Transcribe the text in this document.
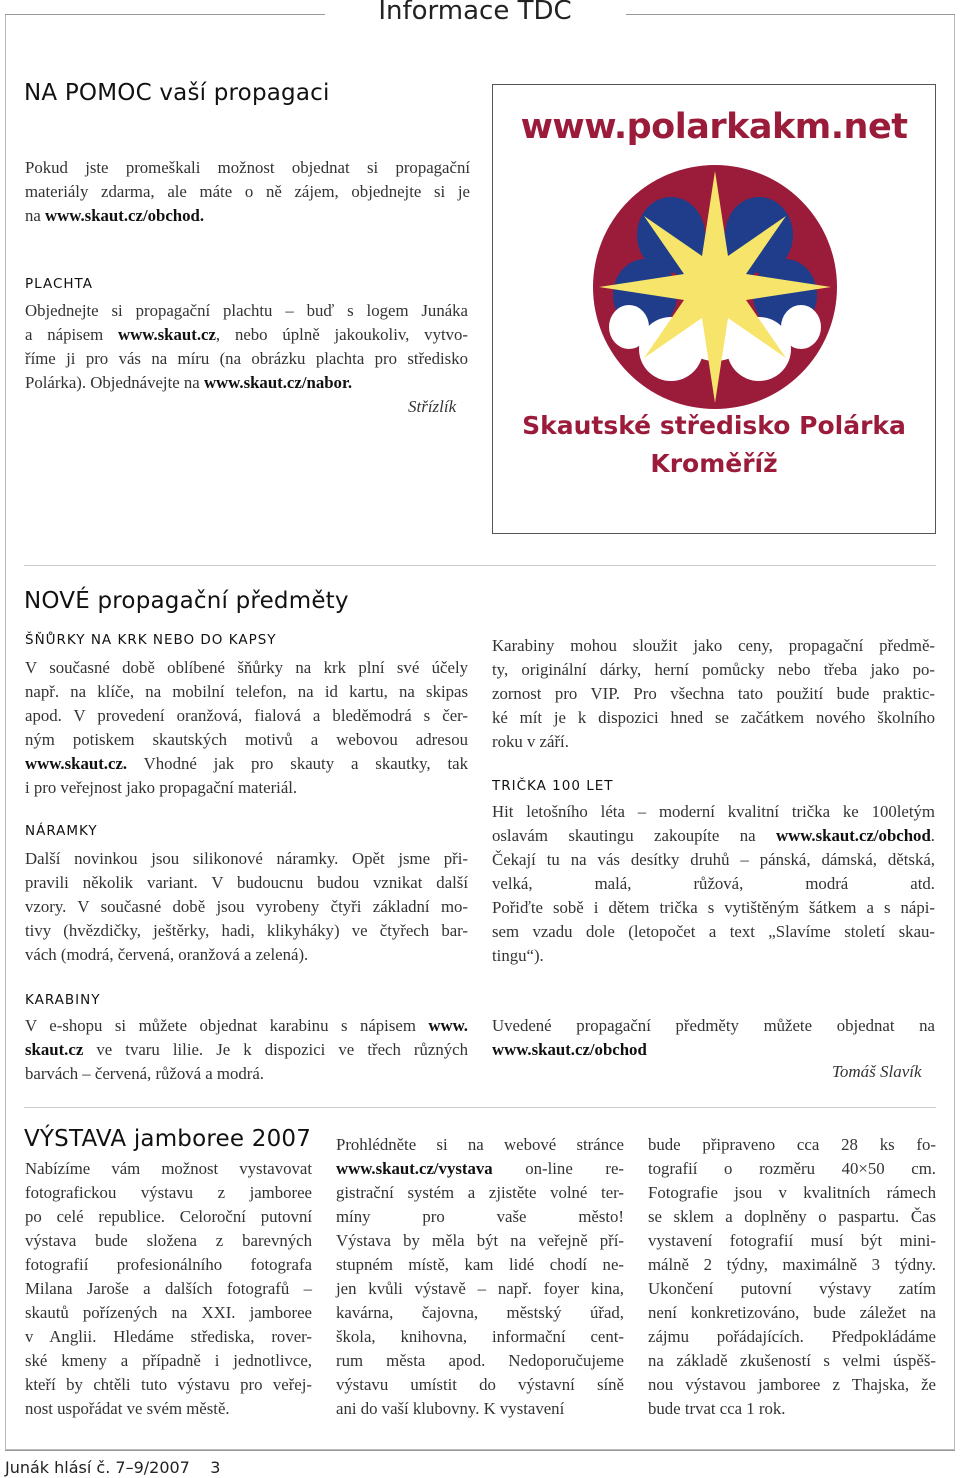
Informace TDC
NA POMOC vaší propagaci
Pokud jste promeškali možnost objednat si propagační
materiály zdarma, ale máte o ně zájem, objednejte si je
na www.skaut.cz/obchod.
PLACHTA
Objednejte si propagační plachtu – buď s logem Junáka
a nápisem www.skaut.cz, nebo úplně jakoukoliv, vytvo-
říme ji pro vás na míru (na obrázku plachta pro středisko
Polárka). Objednávejte na www.skaut.cz/nabor.
Střízlík
www.polarkakm.net
Skautské středisko Polárka
Kroměříž
NOVÉ propagační předměty
ŠŇŮRKY NA KRK NEBO DO KAPSY
V současné době oblíbené šňůrky na krk plní své účely
např. na klíče, na mobilní telefon, na id kartu, na skipas
apod. V provedení oranžová, fialová a bleděmodrá s čer-
ným potiskem skautských motivů a webovou adresou
www.skaut.cz. Vhodné jak pro skauty a skautky, tak
i pro veřejnost jako propagační materiál.
NÁRAMKY
Další novinkou jsou silikonové náramky. Opět jsme při-
pravili několik variant. V budoucnu budou vznikat další
vzory. V současné době jsou vyrobeny čtyři základní mo-
tivy (hvězdičky, ještěrky, hadi, klikyháky) ve čtyřech bar-
vách (modrá, červená, oranžová a zelená).
KARABINY
V e-shopu si můžete objednat karabinu s nápisem www.
skaut.cz ve tvaru lilie. Je k dispozici ve třech různých
barvách – červená, růžová a modrá.
Karabiny mohou sloužit jako ceny, propagační předmě-
ty, originální dárky, herní pomůcky nebo třeba jako po-
zornost pro VIP. Pro všechna tato použití bude praktic-
ké mít je k dispozici hned se začátkem nového školního
roku v září.
TRIČKA 100 LET
Hit letošního léta – moderní kvalitní trička ke 100letým
oslavám skautingu zakoupíte na www.skaut.cz/obchod.
Čekají tu na vás desítky druhů – pánská, dámská, dětská,
velká, malá, růžová, modrá atd.
Pořiďte sobě i dětem trička s vytištěným šátkem a s nápi-
sem vzadu dole (letopočet a text „Slavíme století skau-
tingu“).
Uvedené propagační předměty můžete objednat na
www.skaut.cz/obchod
Tomáš Slavík
VÝSTAVA jamboree 2007
Nabízíme vám možnost vystavovat
fotografickou výstavu z jamboree
po celé republice. Celoroční putovní
výstava bude složena z barevných
fotografií profesionálního fotografa
Milana Jaroše a dalších fotografů –
skautů pořízených na XXI. jamboree
v Anglii. Hledáme střediska, rover-
ské kmeny a případně i jednotlivce,
kteří by chtěli tuto výstavu pro veřej-
nost uspořádat ve svém městě.
Prohlédněte si na webové stránce
www.skaut.cz/vystava on-line re-
gistrační systém a zjistěte volné ter-
míny pro vaše město!
Výstava by měla být na veřejně pří-
stupném místě, kam lidé chodí ne-
jen kvůli výstavě – např. foyer kina,
kavárna, čajovna, městský úřad,
škola, knihovna, informační cent-
rum města apod. Nedoporučujeme
výstavu umístit do výstavní síně
ani do vaší klubovny. K vystavení
bude připraveno cca 28 ks fo-
tografií o rozměru 40×50 cm.
Fotografie jsou v kvalitních rámech
se sklem a doplněny o paspartu. Čas
vystavení fotografií musí být mini-
málně 2 týdny, maximálně 3 týdny.
Ukončení putovní výstavy zatím
není konkretizováno, bude záležet na
zájmu pořádajících. Předpokládáme
na základě zkušeností s velmi úspěš-
nou výstavou jamboree z Thajska, že
bude trvat cca 1 rok.
Junák hlásí č. 7–9/2007    3
